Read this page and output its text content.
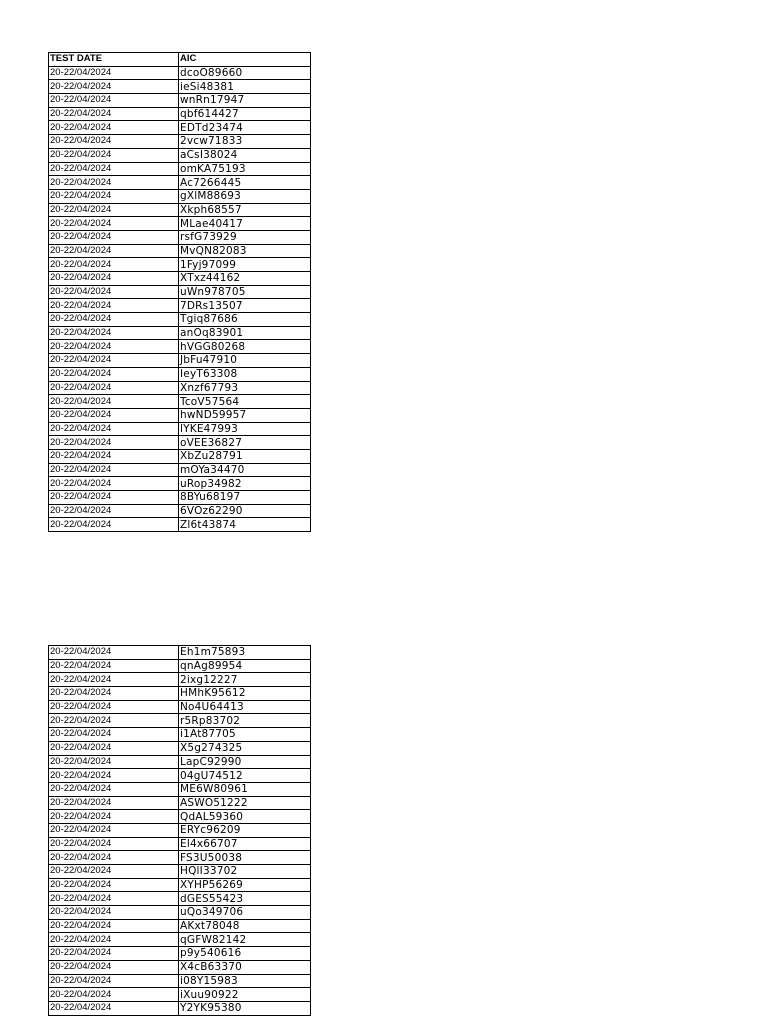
TEST DATE	AIC
20-22/04/2024	dcoO89660
20-22/04/2024	ieSi48381
20-22/04/2024	wnRn17947
20-22/04/2024	qbf614427
20-22/04/2024	EDTd23474
20-22/04/2024	2vcw71833
20-22/04/2024	aCsI38024
20-22/04/2024	omKA75193
20-22/04/2024	Ac7266445
20-22/04/2024	gXlM88693
20-22/04/2024	Xkph68557
20-22/04/2024	MLae40417
20-22/04/2024	rsfG73929
20-22/04/2024	MvQN82083
20-22/04/2024	1Fyj97099
20-22/04/2024	XTxz44162
20-22/04/2024	uWn978705
20-22/04/2024	7DRs13507
20-22/04/2024	Tgiq87686
20-22/04/2024	anOq83901
20-22/04/2024	hVGG80268
20-22/04/2024	JbFu47910
20-22/04/2024	IeyT63308
20-22/04/2024	Xnzf67793
20-22/04/2024	TcoV57564
20-22/04/2024	hwND59957
20-22/04/2024	lYKE47993
20-22/04/2024	oVEE36827
20-22/04/2024	XbZu28791
20-22/04/2024	mOYa34470
20-22/04/2024	uRop34982
20-22/04/2024	8BYu68197
20-22/04/2024	6VOz62290
20-22/04/2024	Zl6t43874
20-22/04/2024	Eh1m75893
20-22/04/2024	qnAg89954
20-22/04/2024	2ixg12227
20-22/04/2024	HMhK95612
20-22/04/2024	No4U64413
20-22/04/2024	r5Rp83702
20-22/04/2024	i1At87705
20-22/04/2024	X5g274325
20-22/04/2024	LapC92990
20-22/04/2024	04gU74512
20-22/04/2024	ME6W80961
20-22/04/2024	ASWO51222
20-22/04/2024	QdAL59360
20-22/04/2024	ERYc96209
20-22/04/2024	El4x66707
20-22/04/2024	FS3U50038
20-22/04/2024	HQlI33702
20-22/04/2024	XYHP56269
20-22/04/2024	dGES55423
20-22/04/2024	uQo349706
20-22/04/2024	AKxt78048
20-22/04/2024	qGFW82142
20-22/04/2024	p9y540616
20-22/04/2024	X4cB63370
20-22/04/2024	i08Y15983
20-22/04/2024	iXuu90922
20-22/04/2024	Y2YK95380
